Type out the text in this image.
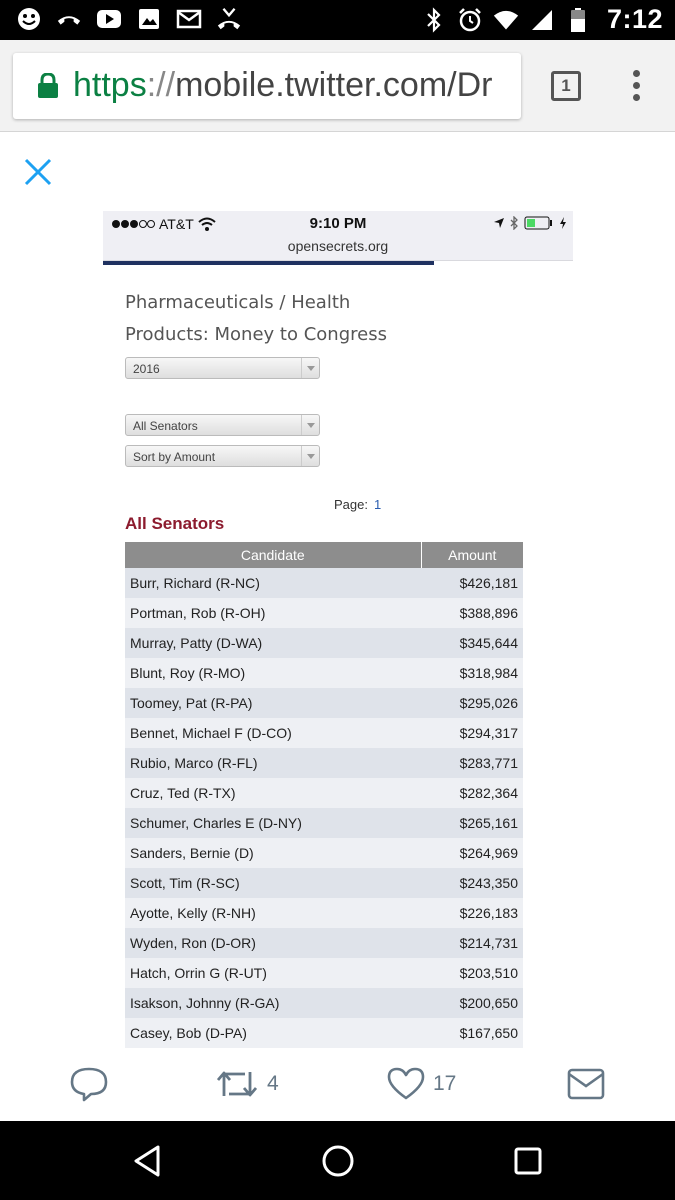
7:12
https://mobile.twitter.com/Dr	1
AT&T	9:10 PM
opensecrets.org
Pharmaceuticals / Health Products: Money to Congress
2016
All Senators
Sort by Amount
Page: 1
All Senators
Candidate	Amount
Burr, Richard (R-NC)	$426,181
Portman, Rob (R-OH)	$388,896
Murray, Patty (D-WA)	$345,644
Blunt, Roy (R-MO)	$318,984
Toomey, Pat (R-PA)	$295,026
Bennet, Michael F (D-CO)	$294,317
Rubio, Marco (R-FL)	$283,771
Cruz, Ted (R-TX)	$282,364
Schumer, Charles E (D-NY)	$265,161
Sanders, Bernie (D)	$264,969
Scott, Tim (R-SC)	$243,350
Ayotte, Kelly (R-NH)	$226,183
Wyden, Ron (D-OR)	$214,731
Hatch, Orrin G (R-UT)	$203,510
Isakson, Johnny (R-GA)	$200,650
Casey, Bob (D-PA)	$167,650
4	17
